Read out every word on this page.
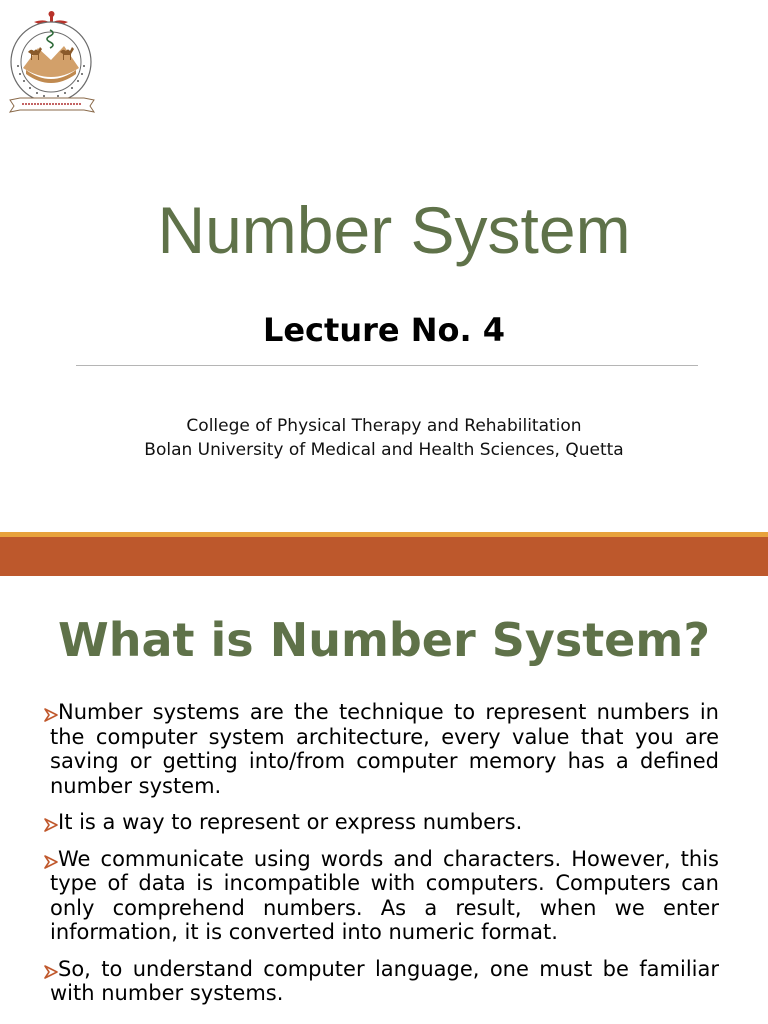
Number System
Lecture No. 4
College of Physical Therapy and Rehabilitation
Bolan University of Medical and Health Sciences, Quetta
What is Number System?
Number systems are the technique to represent numbers in the computer system architecture, every value that you are saving or getting into/from computer memory has a defined number system.
It is a way to represent or express numbers.
We communicate using words and characters. However, this type of data is incompatible with computers. Computers can only comprehend numbers. As a result, when we enter information, it is converted into numeric format.
So, to understand computer language, one must be familiar with number systems.
